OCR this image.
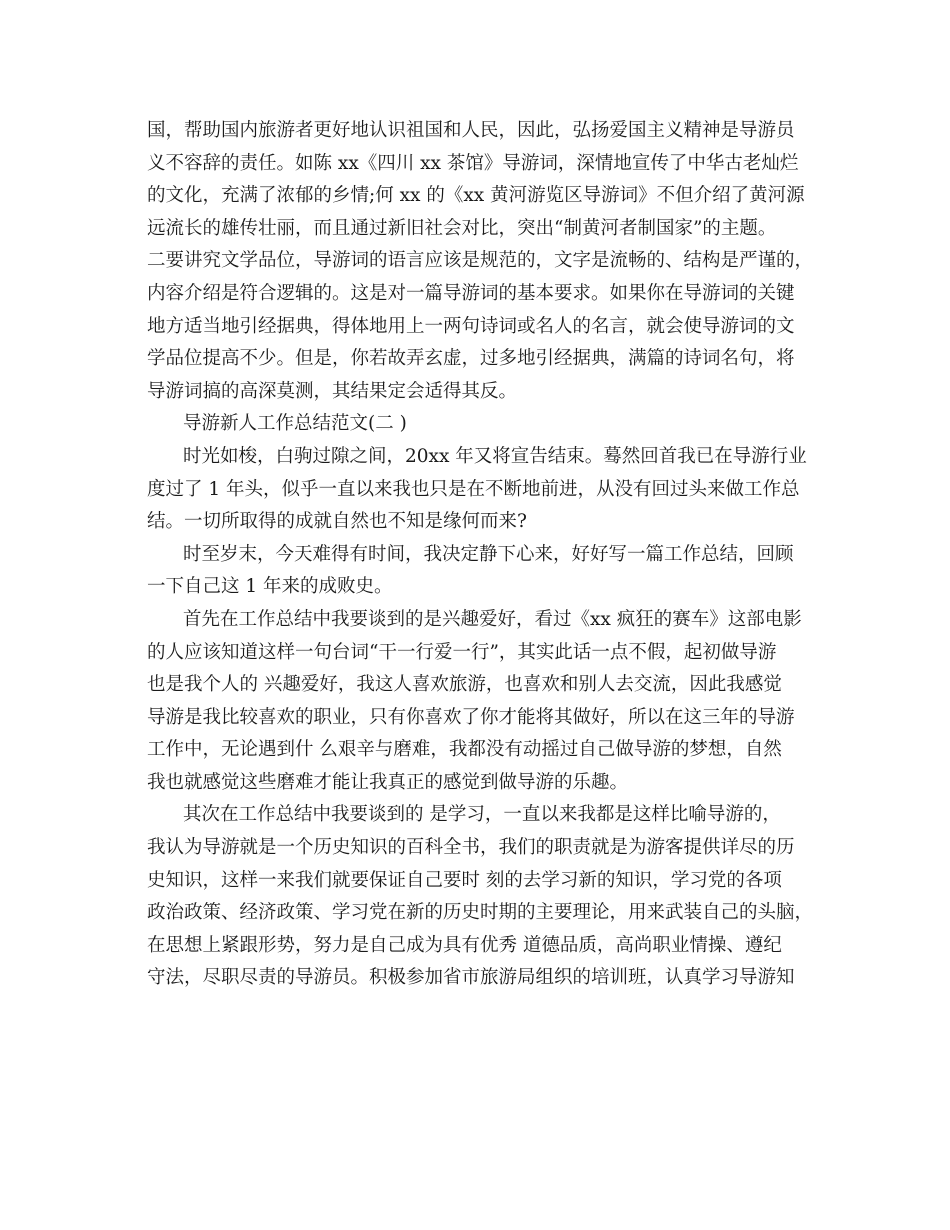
国，帮助国内旅游者更好地认识祖国和人民，因此，弘扬爱国主义精神是导游员
义不容辞的责任。如陈 xx《四川 xx 茶馆》导游词，深情地宣传了中华古老灿烂
的文化，充满了浓郁的乡情;何 xx 的《xx 黄河游览区导游词》不但介绍了黄河源
远流长的雄传壮丽，而且通过新旧社会对比，突出“制黄河者制国家”的主题。
二要讲究文学品位，导游词的语言应该是规范的，文字是流畅的、结构是严谨的，
内容介绍是符合逻辑的。这是对一篇导游词的基本要求。如果你在导游词的关键
地方适当地引经据典，得体地用上一两句诗词或名人的名言，就会使导游词的文
学品位提高不少。但是，你若故弄玄虚，过多地引经据典，满篇的诗词名句，将
导游词搞的高深莫测，其结果定会适得其反。
导游新人工作总结范文(二 )
时光如梭，白驹过隙之间，20xx 年又将宣告结束。蓦然回首我已在导游行业
度过了 1 年头，似乎一直以来我也只是在不断地前进，从没有回过头来做工作总
结。一切所取得的成就自然也不知是缘何而来?
时至岁末，今天难得有时间，我决定静下心来，好好写一篇工作总结，回顾
一下自己这 1 年来的成败史。
首先在工作总结中我要谈到的是兴趣爱好，看过《xx 疯狂的赛车》这部电影
的人应该知道这样一句台词“干一行爱一行”，其实此话一点不假，起初做导游
也是我个人的 兴趣爱好，我这人喜欢旅游，也喜欢和别人去交流，因此我感觉
导游是我比较喜欢的职业，只有你喜欢了你才能将其做好，所以在这三年的导游
工作中，无论遇到什 么艰辛与磨难，我都没有动摇过自己做导游的梦想，自然
我也就感觉这些磨难才能让我真正的感觉到做导游的乐趣。
其次在工作总结中我要谈到的 是学习，一直以来我都是这样比喻导游的，
我认为导游就是一个历史知识的百科全书，我们的职责就是为游客提供详尽的历
史知识，这样一来我们就要保证自己要时 刻的去学习新的知识，学习党的各项
政治政策、经济政策、学习党在新的历史时期的主要理论，用来武装自己的头脑，
在思想上紧跟形势，努力是自己成为具有优秀 道德品质，高尚职业情操、遵纪
守法，尽职尽责的导游员。积极参加省市旅游局组织的培训班，认真学习导游知
